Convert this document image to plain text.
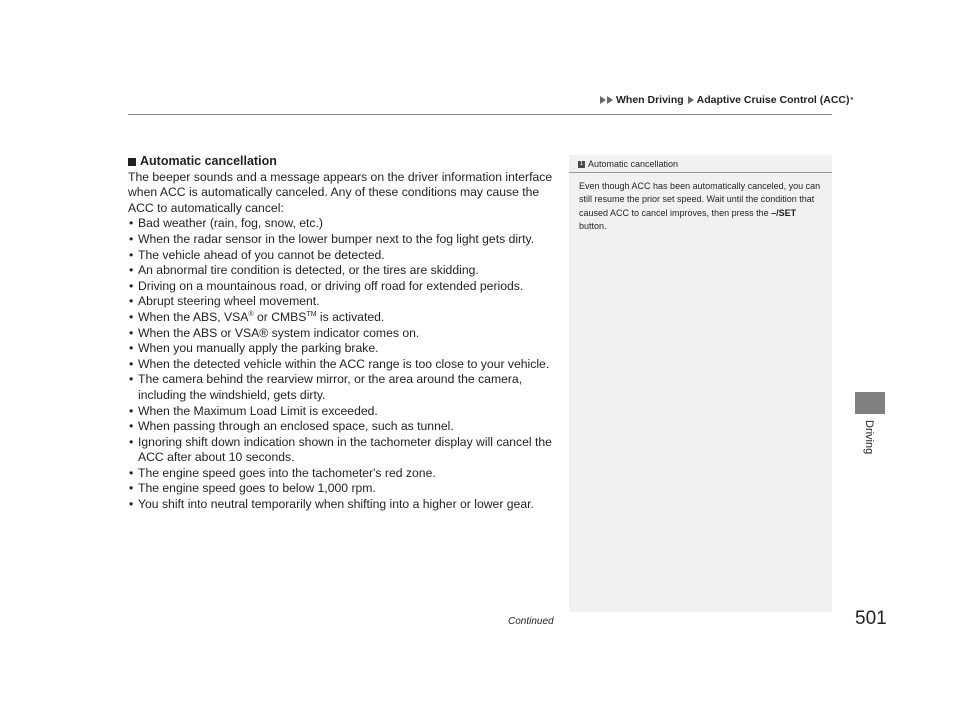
When Driving Adaptive Cruise Control (ACC) *
Automatic cancellation

The beeper sounds and a message appears on the driver information interface when ACC is automatically canceled. Any of these conditions may cause the ACC to automatically cancel:

• Bad weather (rain, fog, snow, etc.)
• When the radar sensor in the lower bumper next to the fog light gets dirty.
• The vehicle ahead of you cannot be detected.
• An abnormal tire condition is detected, or the tires are skidding.
• Driving on a mountainous road, or driving off road for extended periods.
• Abrupt steering wheel movement.
• When the ABS, VSA® or CMBS™ is activated.
• When the ABS or VSA® system indicator comes on.
• When you manually apply the parking brake.
• When the detected vehicle within the ACC range is too close to your vehicle.
• The camera behind the rearview mirror, or the area around the camera, including the windshield, gets dirty.
• When the Maximum Load Limit is exceeded.
• When passing through an enclosed space, such as tunnel.
• Ignoring shift down indication shown in the tachometer display will cancel the ACC after about 10 seconds.
• The engine speed goes into the tachometer's red zone.
• The engine speed goes to below 1,000 rpm.
• You shift into neutral temporarily when shifting into a higher or lower gear.
1 Automatic cancellation
Even though ACC has been automatically canceled, you can still resume the prior set speed. Wait until the condition that caused ACC to cancel improves, then press the –/SET button.
Driving
Continued	501
